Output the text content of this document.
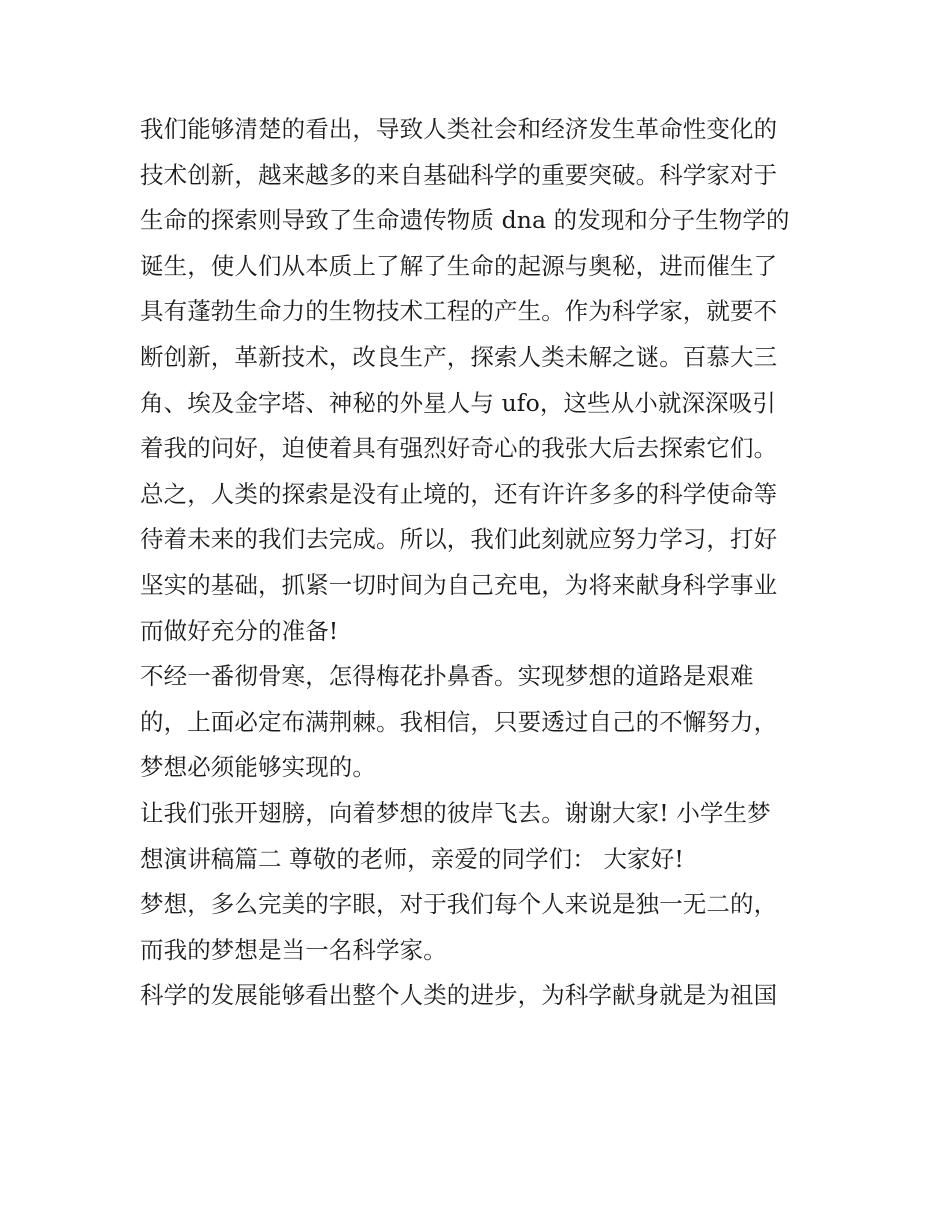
我们能够清楚的看出，导致人类社会和经济发生革命性变化的
技术创新，越来越多的来自基础科学的重要突破。科学家对于
生命的探索则导致了生命遗传物质 dna 的发现和分子生物学的
诞生，使人们从本质上了解了生命的起源与奥秘，进而催生了
具有蓬勃生命力的生物技术工程的产生。作为科学家，就要不
断创新，革新技术，改良生产，探索人类未解之谜。百慕大三
角、埃及金字塔、神秘的外星人与 ufo，这些从小就深深吸引
着我的问好，迫使着具有强烈好奇心的我张大后去探索它们。
总之，人类的探索是没有止境的，还有许许多多的科学使命等
待着未来的我们去完成。所以，我们此刻就应努力学习，打好
坚实的基础，抓紧一切时间为自己充电，为将来献身科学事业
而做好充分的准备!
不经一番彻骨寒，怎得梅花扑鼻香。实现梦想的道路是艰难
的，上面必定布满荆棘。我相信，只要透过自己的不懈努力，
梦想必须能够实现的。
让我们张开翅膀，向着梦想的彼岸飞去。谢谢大家! 小学生梦
想演讲稿篇二 尊敬的老师，亲爱的同学们： 大家好!
梦想，多么完美的字眼，对于我们每个人来说是独一无二的，
而我的梦想是当一名科学家。
科学的发展能够看出整个人类的进步，为科学献身就是为祖国
